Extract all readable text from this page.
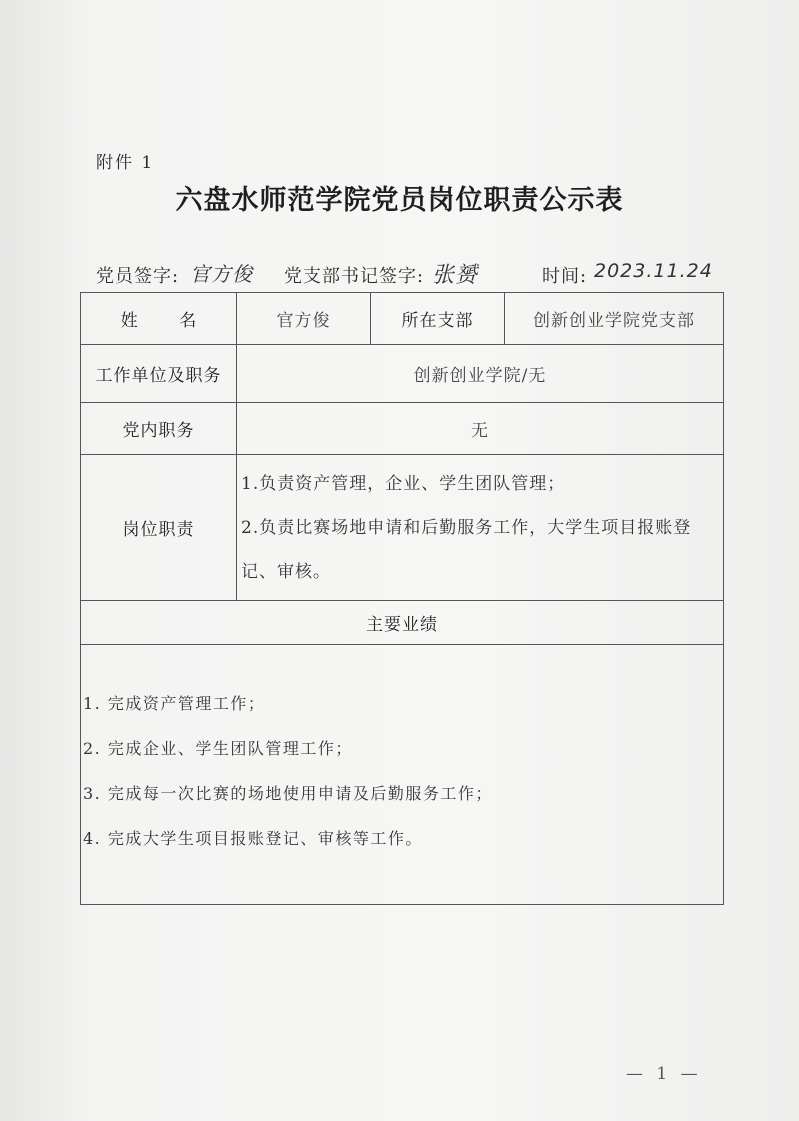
附件 1
六盘水师范学院党员岗位职责公示表
党员签字: 官方俊 党支部书记签字: 张赟	时间: 2023.11.24
姓 名	官方俊	所在支部	创新创业学院党支部
工作单位及职务	创新创业学院/无		
党内职务	无		
岗位职责	1.负责资产管理，企业、学生团队管理；
2.负责比赛场地申请和后勤服务工作，大学生项目报账登
记、审核。		

主要业绩			

1. 完成资产管理工作；
2. 完成企业、学生团队管理工作；
3. 完成每一次比赛的场地使用申请及后勤服务工作；
4. 完成大学生项目报账登记、审核等工作。			
— 1 —
